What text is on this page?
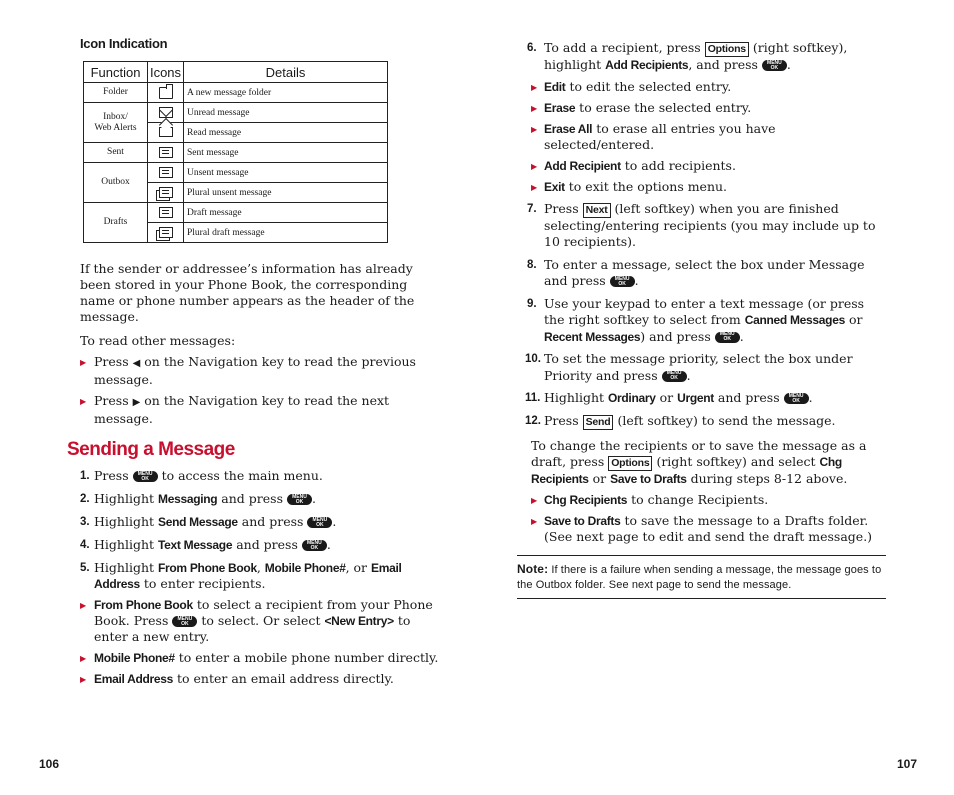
Icon Indication
Function	Icons	Details
Folder		A new message folder
Inbox/
Web Alerts		Unread message
		Read message
Sent		Sent message
Outbox		Unsent message
		Plural unsent message
Drafts		Draft message
		Plural draft message

If the sender or addressee’s information has already been stored in your Phone Book, the corresponding name or phone number appears as the header of the message.

To read other messages:

▶ Press ◀ on the Navigation key to read the previous message.
▶ Press ▶ on the Navigation key to read the next message.
Sending a Message
1. Press MENU
OK to access the main menu.
2. Highlight Messaging and press MENU
OK .
3. Highlight Send Message and press MENU
OK .
4. Highlight Text Message and press MENU
OK .
5. Highlight From Phone Book, Mobile Phone#, or Email Address to enter recipients.
▶ From Phone Book to select a recipient from your Phone Book. Press MENU
OK to select. Or select <New Entry> to enter a new entry.
▶ Mobile Phone# to enter a mobile phone number directly.
▶ Email Address to enter an email address directly.
6. To add a recipient, press Options (right softkey), highlight Add Recipients, and press MENU
OK .
▶ Edit to edit the selected entry.
▶ Erase to erase the selected entry.
▶ Erase All to erase all entries you have selected/entered.
▶ Add Recipient to add recipients.
▶ Exit to exit the options menu.
7. Press Next (left softkey) when you are finished selecting/entering recipients (you may include up to 10 recipients).
8. To enter a message, select the box under Message and press MENU
OK .
9. Use your keypad to enter a text message (or press the right softkey to select from Canned Messages or Recent Messages) and press MENU
OK .
10. To set the message priority, select the box under Priority and press MENU
OK .
11. Highlight Ordinary or Urgent and press MENU
OK .
12. Press Send (left softkey) to send the message.
To change the recipients or to save the message as a draft, press Options (right softkey) and select Chg Recipients or Save to Drafts during steps 8-12 above.
▶ Chg Recipients to change Recipients.
▶ Save to Drafts to save the message to a Drafts folder.
(See next page to edit and send the draft message.)
Note: If there is a failure when sending a message, the message goes to the Outbox folder. See next page to send the message.
106	107
